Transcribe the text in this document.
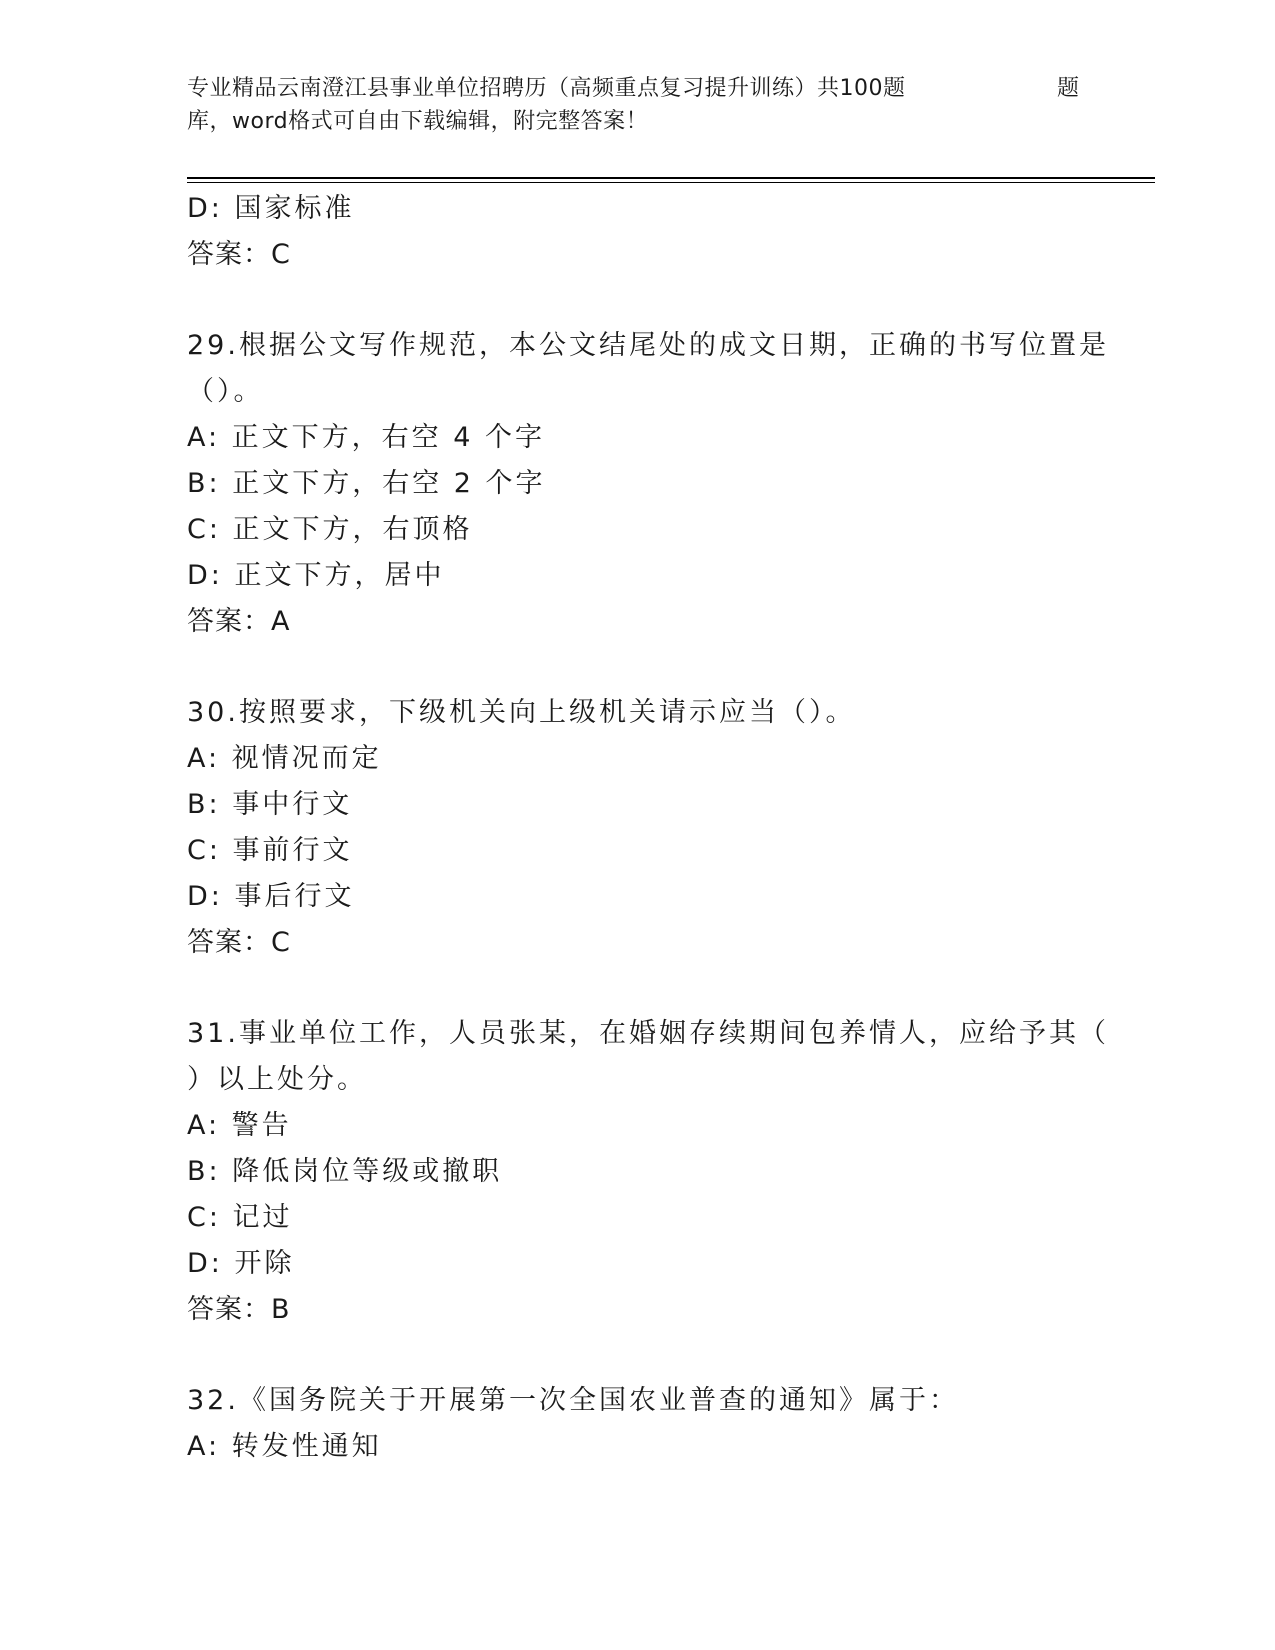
专业精品云南澄江县事业单位招聘历（高频重点复习提升训练）共100题	题
库，word格式可自由下载编辑，附完整答案！
D: 国家标准
答案：C
29.根据公文写作规范，本公文结尾处的成文日期，正确的书写位置是
（）。
A: 正文下方，右空 4 个字
B: 正文下方，右空 2 个字
C: 正文下方，右顶格
D: 正文下方，居中
答案：A
30.按照要求，下级机关向上级机关请示应当（）。
A: 视情况而定
B: 事中行文
C: 事前行文
D: 事后行文
答案：C
31.事业单位工作，人员张某，在婚姻存续期间包养情人，应给予其（
）以上处分。
A: 警告
B: 降低岗位等级或撤职
C: 记过
D: 开除
答案：B
32.《国务院关于开展第一次全国农业普查的通知》属于：
A: 转发性通知
